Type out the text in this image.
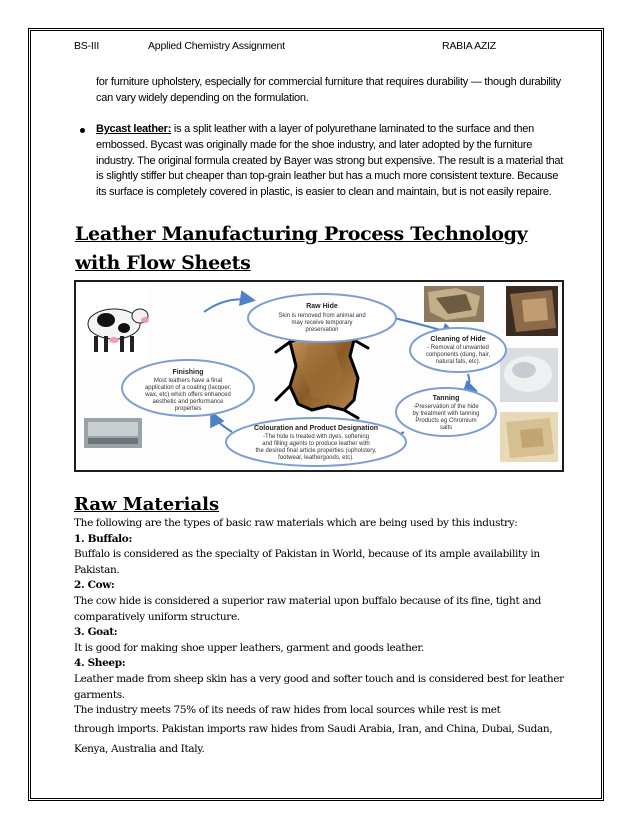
BS-III	Applied Chemistry Assignment	RABIA AZIZ
for furniture upholstery, especially for commercial furniture that requires durability — though durability can vary widely depending on the formulation.
Bycast leather: is a split leather with a layer of polyurethane laminated to the surface and then embossed. Bycast was originally made for the shoe industry, and later adopted by the furniture industry. The original formula created by Bayer was strong but expensive. The result is a material that is slightly stiffer but cheaper than top-grain leather but has a much more consistent texture. Because its surface is completely covered in plastic, is easier to clean and maintain, but is not easily repaire.
Leather Manufacturing Process Technology with Flow Sheets
Raw Hide
Skin is removed from animal and
may receive temporary
preservation
Cleaning of Hide
- Removal of unwanted
components (dung, hair,
natural fats, etc).
Tanning
-Preservation of the hide
by treatment with tanning
Products eg Chromium
salts
Colouration and Product Designation
-The hide is treated with dyes, softening
and filling agents to produce leather with
the desired final article properties (upholstery,
footwear, leathergoods, etc).
Finishing
Most leathers have a final
application of a coating (lacquer,
wax, etc) which offers enhanced
aesthetic and performance
properties
Raw Materials

The following are the types of basic raw materials which are being used by this industry:

1. Buffalo:

Buffalo is considered as the specialty of Pakistan in World, because of its ample availability in Pakistan.

2. Cow:

The cow hide is considered a superior raw material upon buffalo because of its fine, tight and comparatively uniform structure.

3. Goat:

It is good for making shoe upper leathers, garment and goods leather.

4. Sheep:

Leather made from sheep skin has a very good and softer touch and is considered best for leather garments.

The industry meets 75% of its needs of raw hides from local sources while rest is met

through imports. Pakistan imports raw hides from Saudi Arabia, Iran, and China, Dubai, Sudan, Kenya, Australia and Italy.
